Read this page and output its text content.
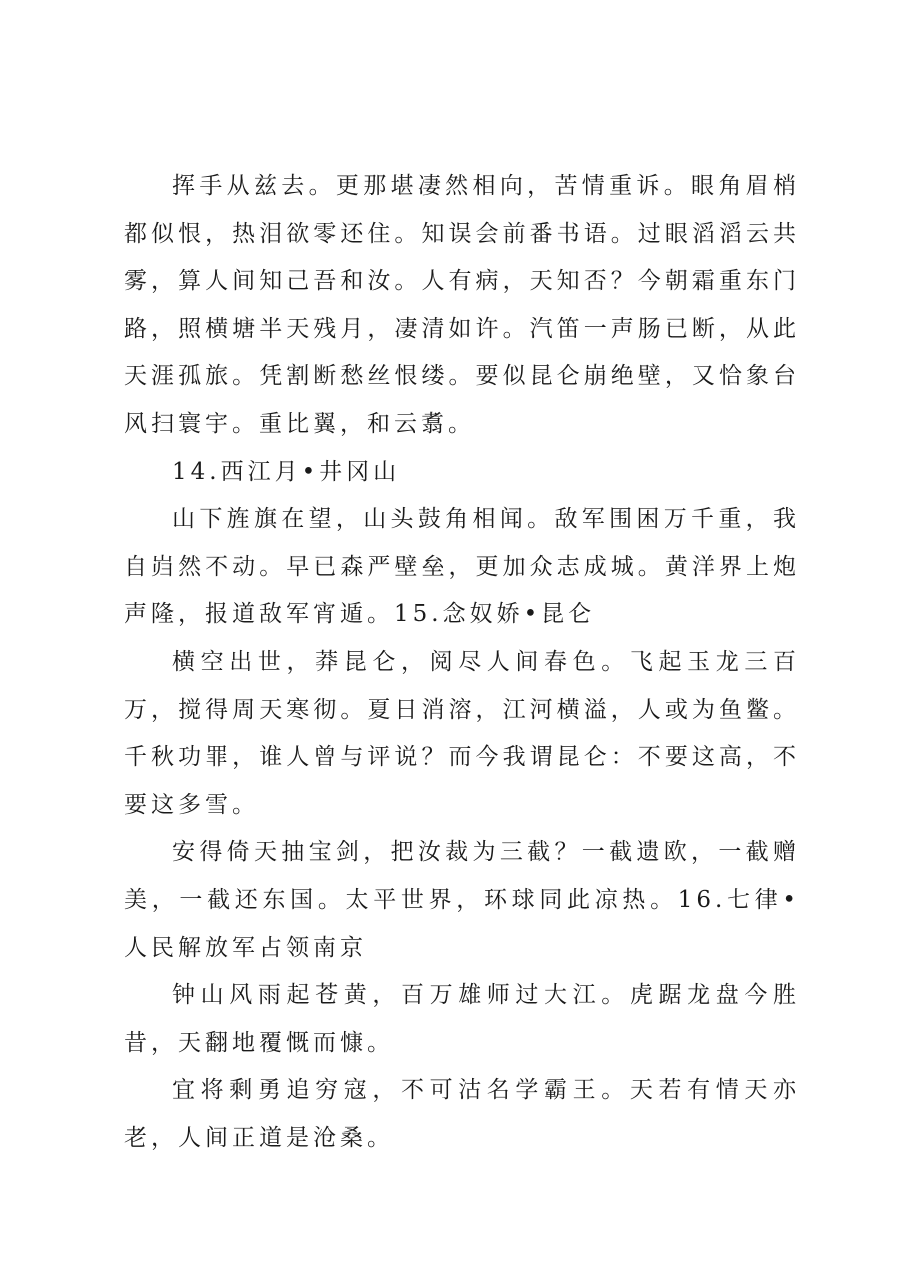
挥手从兹去。更那堪凄然相向，苦情重诉。眼角眉梢都似恨，热泪欲零还住。知误会前番书语。过眼滔滔云共雾，算人间知己吾和汝。人有病，天知否？今朝霜重东门路，照横塘半天残月，凄清如许。汽笛一声肠已断，从此天涯孤旅。凭割断愁丝恨缕。要似昆仑崩绝壁，又恰象台风扫寰宇。重比翼，和云翥。

14.西江月•井冈山

山下旌旗在望，山头鼓角相闻。敌军围困万千重，我自岿然不动。早已森严壁垒，更加众志成城。黄洋界上炮声隆，报道敌军宵遁。15.念奴娇•昆仑

横空出世，莽昆仑，阅尽人间春色。飞起玉龙三百万，搅得周天寒彻。夏日消溶，江河横溢，人或为鱼鳖。千秋功罪，谁人曾与评说？而今我谓昆仑：不要这高，不要这多雪。

安得倚天抽宝剑，把汝裁为三截？一截遗欧，一截赠美，一截还东国。太平世界，环球同此凉热。16.七律•人民解放军占领南京

钟山风雨起苍黄，百万雄师过大江。虎踞龙盘今胜昔，天翻地覆慨而慷。

宜将剩勇追穷寇，不可沽名学霸王。天若有情天亦老，人间正道是沧桑。
